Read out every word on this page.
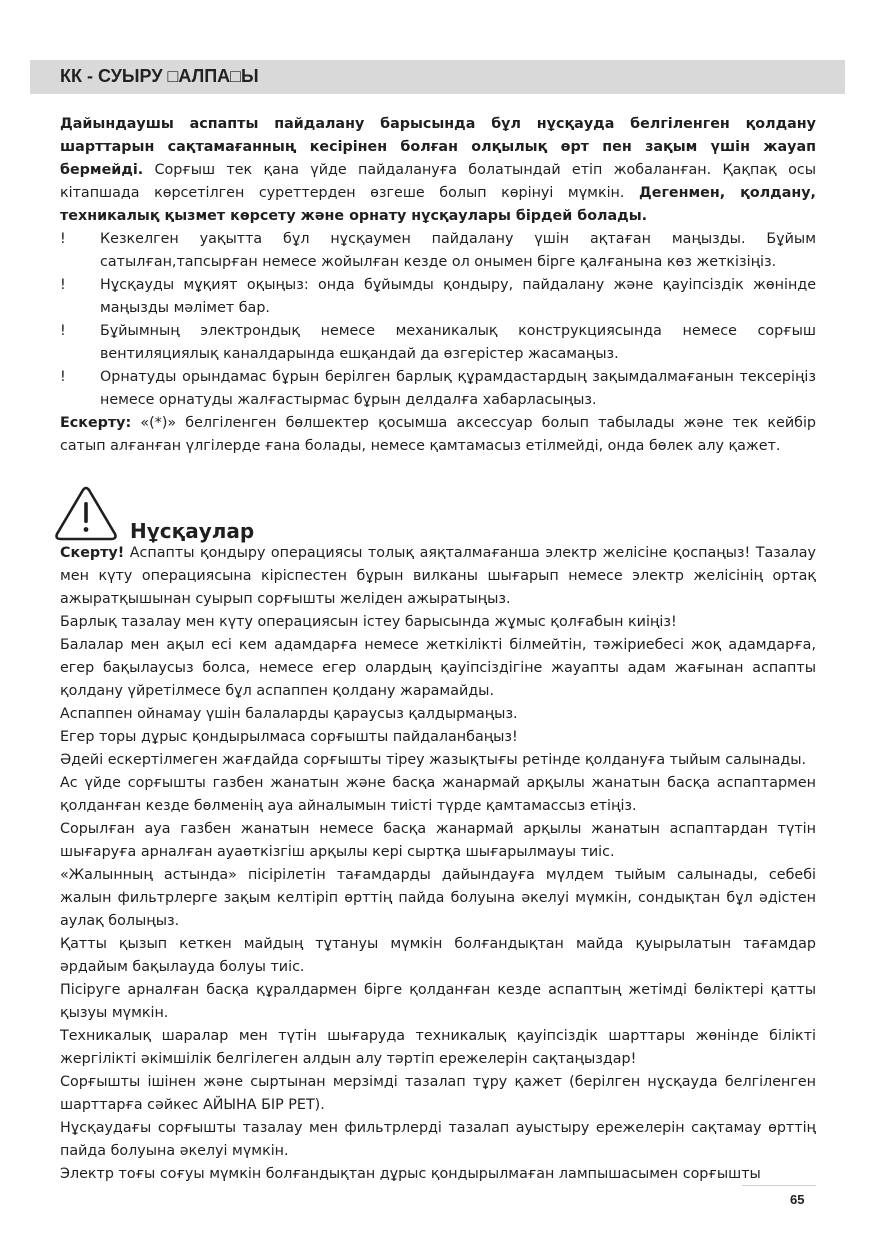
КК - СУЫРУ □АЛПА□Ы

Дайындаушы аспапты пайдалану барысында бұл нұсқауда белгіленген қолдану шарттарын сақтамағанның кесірінен болған олқылық өрт пен зақым үшін жауап бермейді. Сорғыш тек қана үйде пайдалануға болатындай етіп жобаланған. Қақпақ осы кітапшада көрсетілген суреттерден өзгеше болып көрінуі мүмкін. Дегенмен, қолдану, техникалық қызмет көрсету және орнату нұсқаулары бірдей болады.

! Кезкелген уақытта бұл нұсқаумен пайдалану үшін ақтаған маңызды. Бұйым сатылған,тапсырған немесе жойылған кезде ол онымен бірге қалғанына көз жеткізіңіз.
! Нұсқауды мұқият оқыңыз: онда бұйымды қондыру, пайдалану және қауіпсіздік жөнінде маңызды мәлімет бар.
! Бұйымның электрондық немесе механикалық конструкциясында немесе сорғыш вентиляциялық каналдарында ешқандай да өзгерістер жасамаңыз.
! Орнатуды орындамас бұрын берілген барлық құрамдастардың зақымдалмағанын тексеріңіз немесе орнатуды жалғастырмас бұрын делдалға хабарласыңыз.

Ескерту: «(*)» белгіленген бөлшектер қосымша аксессуар болып табылады және тек кейбір сатып алғанған үлгілерде ғана болады, немесе қамтамасыз етілмейді, онда бөлек алу қажет.

Нұсқаулар

Скерту! Аспапты қондыру операциясы толық аяқталмағанша электр желісіне қоспаңыз! Тазалау мен күту операциясына кіріспестен бұрын вилканы шығарып немесе электр желісінің ортақ ажыратқышынан суырып сорғышты желіден ажыратыңыз.

Барлық тазалау мен күту операциясын істеу барысында жұмыс қолғабын киіңіз!

Балалар мен ақыл есі кем адамдарға немесе жеткілікті білмейтін, тәжіриебесі жоқ адамдарға, егер бақылаусыз болса, немесе егер олардың қауіпсіздігіне жауапты адам жағынан аспапты қолдану үйретілмесе бұл аспаппен қолдану жарамайды.

Аспаппен ойнамау үшін балаларды қараусыз қалдырмаңыз.

Егер торы дұрыс қондырылмаса сорғышты пайдаланбаңыз!

Әдейі ескертілмеген жағдайда сорғышты тіреу жазықтығы ретінде қолдануға тыйым салынады.

Ас үйде сорғышты газбен жанатын және басқа жанармай арқылы жанатын басқа аспаптармен қолданған кезде бөлменің ауа айналымын тиісті түрде қамтамассыз етіңіз.

Сорылған ауа газбен жанатын немесе басқа жанармай арқылы жанатын аспаптардан түтін шығаруға арналған ауаөткізгіш арқылы кері сыртқа шығарылмауы тиіс.

«Жалынның астында» пісірілетін тағамдарды дайындауға мүлдем тыйым салынады, себебі жалын фильтрлерге зақым келтіріп өрттің пайда болуына әкелуі мүмкін, сондықтан бұл әдістен аулақ болыңыз.

Қатты қызып кеткен майдың тұтануы мүмкін болғандықтан майда қуырылатын тағамдар әрдайым бақылауда болуы тиіс.

Пісіруге арналған басқа құралдармен бірге қолданған кезде аспаптың жетімді бөліктері қатты қызуы мүмкін.

Техникалық шаралар мен түтін шығаруда техникалық қауіпсіздік шарттары жөнінде білікті жергілікті әкімшілік белгілеген алдын алу тәртіп ережелерін сақтаңыздар!

Сорғышты ішінен және сыртынан мерзімді тазалап тұру қажет (берілген нұсқауда белгіленген шарттарға сәйкес АЙЫНА БІР РЕТ).

Нұсқаудағы сорғышты тазалау мен фильтрлерді тазалап ауыстыру ережелерін сақтамау өрттің пайда болуына әкелуі мүмкін.

Электр тоғы соғуы мүмкін болғандықтан дұрыс қондырылмаған лампышасымен сорғышты

65
